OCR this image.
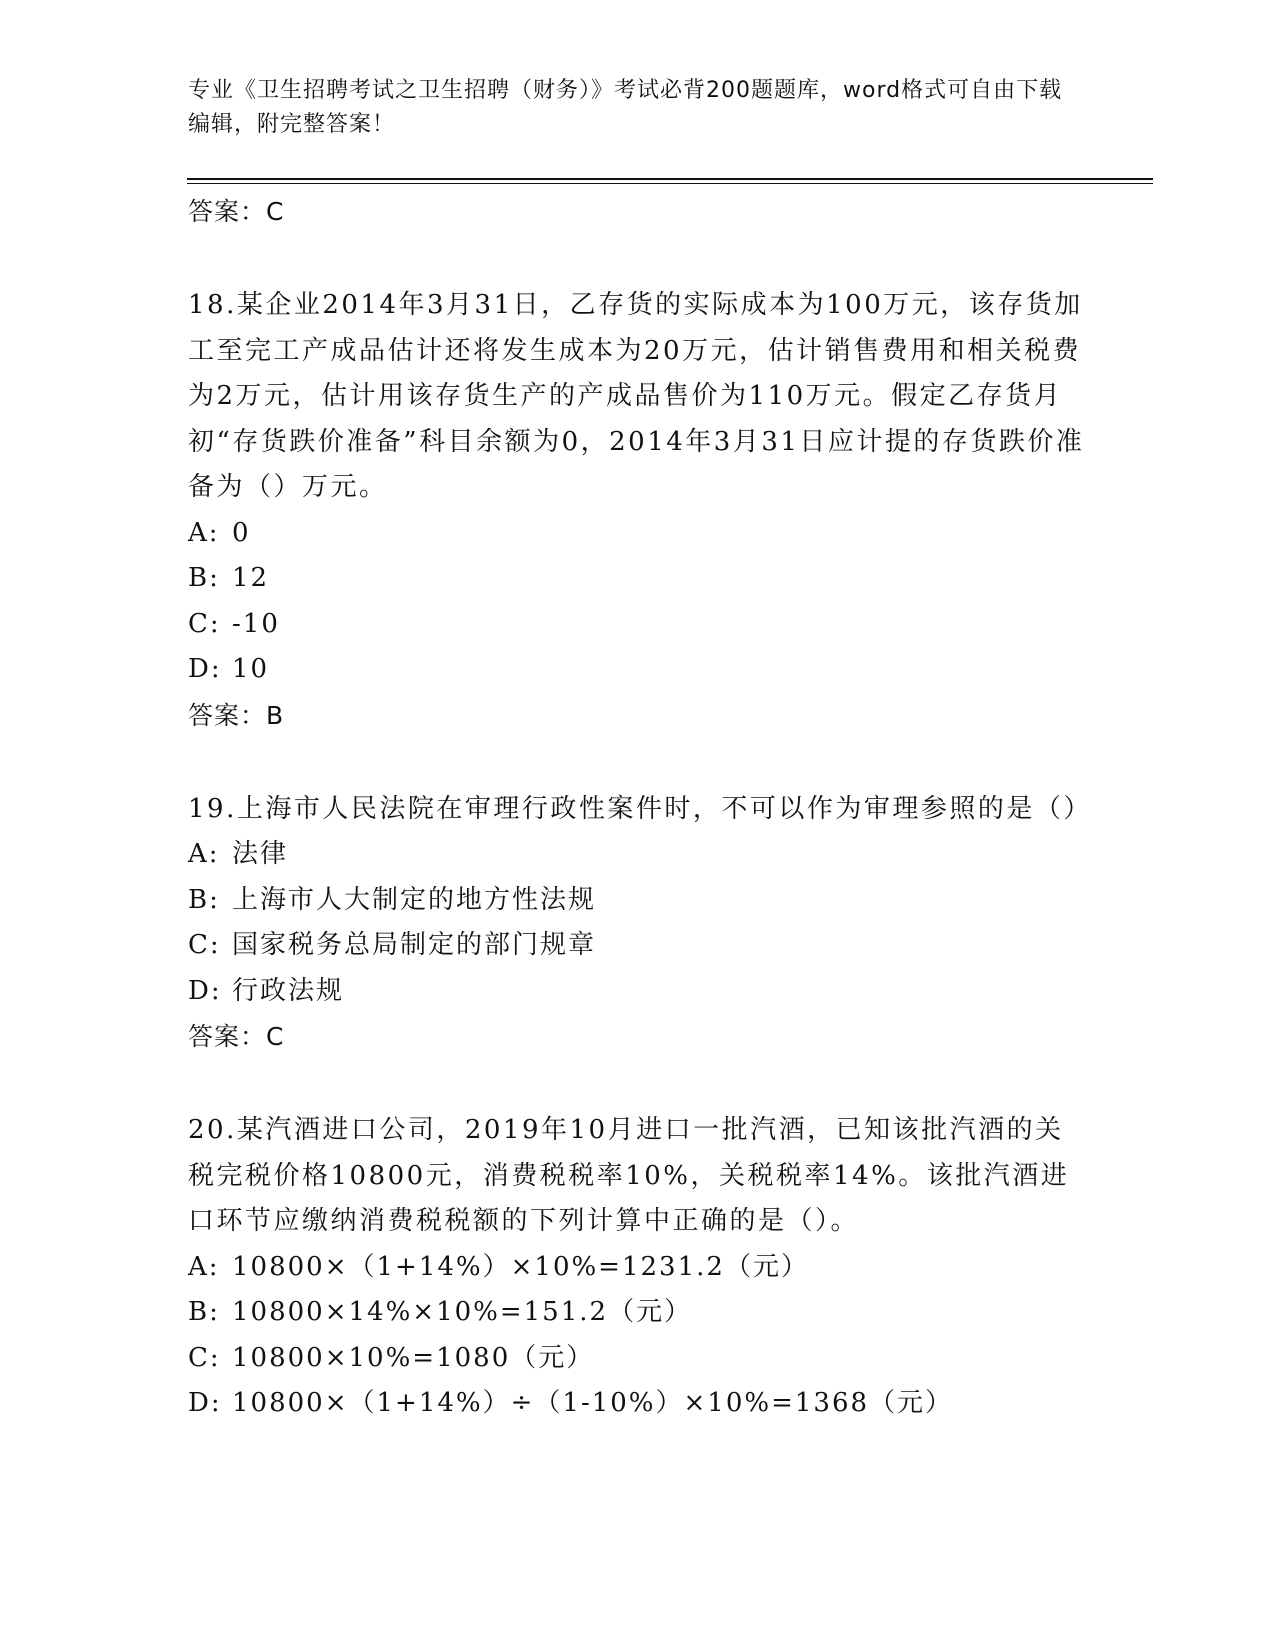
专业《卫生招聘考试之卫生招聘（财务）》考试必背200题题库，word格式可自由下载编辑，附完整答案！
答案：C
18.某企业2014年3月31日，乙存货的实际成本为100万元，该存货加工至完工产成品估计还将发生成本为20万元，估计销售费用和相关税费为2万元，估计用该存货生产的产成品售价为110万元。假定乙存货月初“存货跌价准备”科目余额为0，2014年3月31日应计提的存货跌价准备为（）万元。
A: 0
B: 12
C: -10
D: 10
答案：B
19.上海市人民法院在审理行政性案件时，不可以作为审理参照的是（）
A: 法律
B: 上海市人大制定的地方性法规
C: 国家税务总局制定的部门规章
D: 行政法规
答案：C
20.某汽酒进口公司，2019年10月进口一批汽酒，已知该批汽酒的关税完税价格10800元，消费税税率10%，关税税率14%。该批汽酒进口环节应缴纳消费税税额的下列计算中正确的是（）。
A: 10800×（1+14%）×10%=1231.2（元）
B: 10800×14%×10%=151.2（元）
C: 10800×10%=1080（元）
D: 10800×（1+14%）÷（1-10%）×10%=1368（元）
